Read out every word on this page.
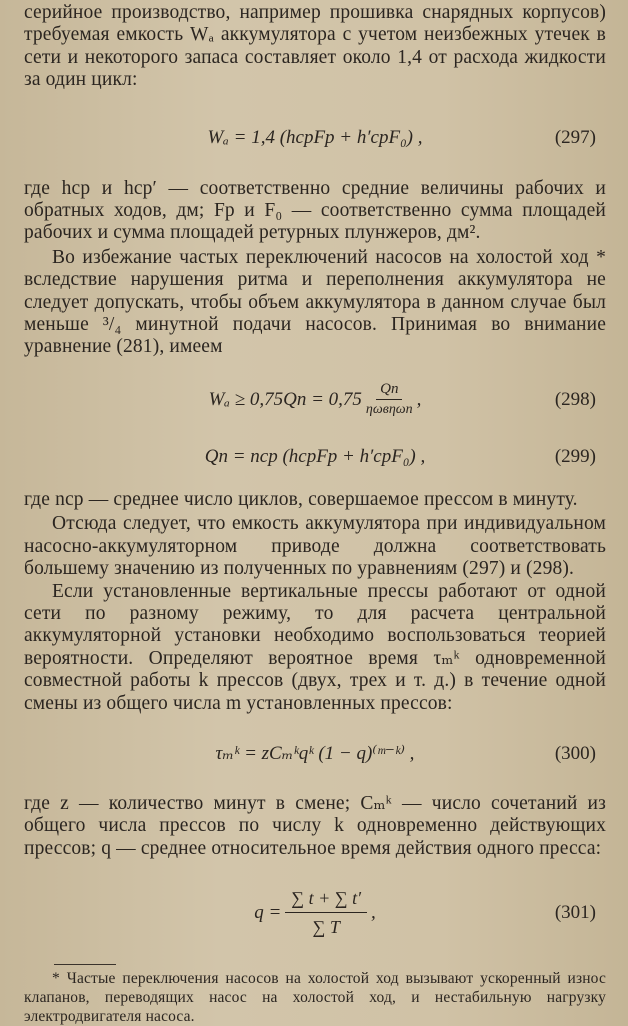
серийное производство, например прошивка снарядных корпусов) требуемая емкость Wₐ аккумулятора с учетом неизбежных утечек в сети и некоторого запаса составляет около 1,4 от расхода жидкости за один цикл:

Wₐ = 1,4 (hcpFp + h′cpF₀) ,	(297)

где hcp и hcp′ — соответственно средние величины рабочих и обратных ходов, дм; Fp и F₀ — соответственно сумма площадей рабочих и сумма площадей ретурных плунжеров, дм².

Во избежание частых переключений насосов на холостой ход * вследствие нарушения ритма и переполнения аккумулятора не следует допускать, чтобы объем аккумулятора в данном случае был меньше ³/₄ минутной подачи насосов. Принимая во внимание уравнение (281), имеем

$W_a \ge 0,75Qп = 0,75 \frac{Qп}{\text{ηωвηωп}}$ ,	(298)
Qп = ncp (hcpFp + h′cpF₀) ,	(299)

где ncp — среднее число циклов, совершаемое прессом в минуту.

Отсюда следует, что емкость аккумулятора при индивидуальном насосно-аккумуляторном приводе должна соответствовать большему значению из полученных по уравнениям (297) и (298).

Если установленные вертикальные прессы работают от одной сети по разному режиму, то для расчета центральной аккумуляторной установки необходимо воспользоваться теорией вероятности. Определяют вероятное время τₘᵏ одновременной совместной работы k прессов (двух, трех и т. д.) в течение одной смены из общего числа m установленных прессов:

τₘᵏ = zCₘᵏqᵏ (1 − q)⁽ᵐ⁻ᵏ⁾ ,	(300)

где z — количество минут в смене; Cₘᵏ — число сочетаний из общего числа прессов по числу k одновременно действующих прессов; q — среднее относительное время действия одного пресса:

$q = \frac{\sum t + \sum t'}{\sum T}$ ,	(301)

* Частые переключения насосов на холостой ход вызывают ускоренный износ клапанов, переводящих насос на холостой ход, и нестабильную нагрузку электродвигателя насоса.
